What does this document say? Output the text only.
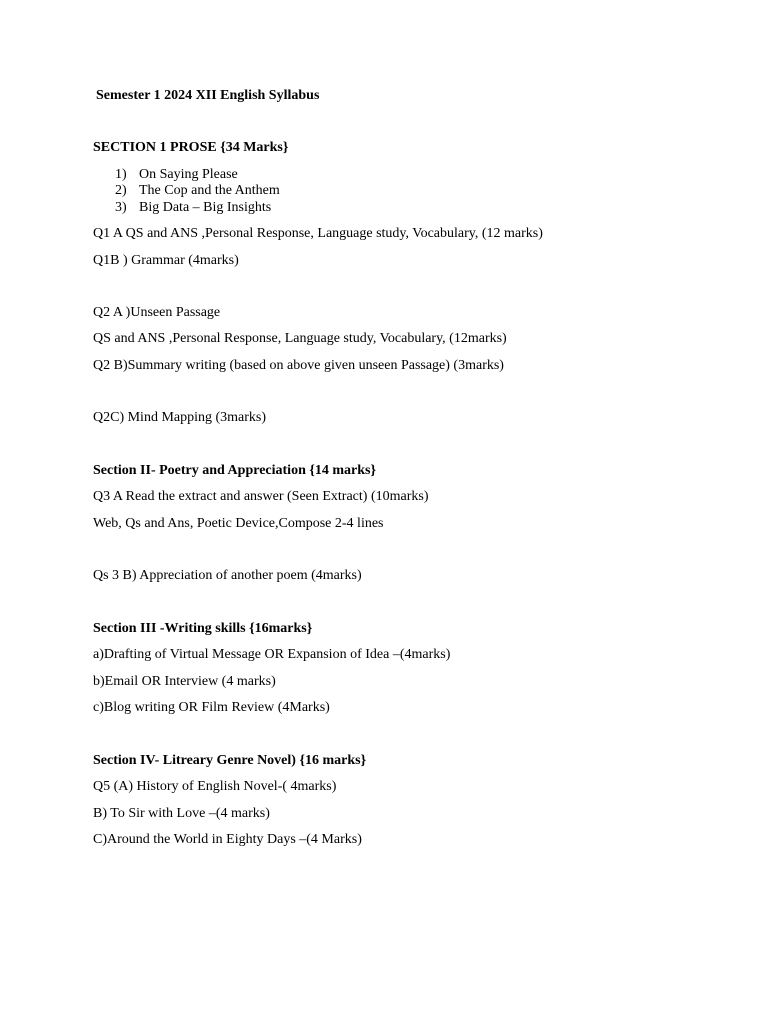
Semester 1 2024 XII English Syllabus
SECTION 1 PROSE {34 Marks}
1) On Saying Please
2) The Cop and the Anthem
3) Big Data – Big Insights
Q1 A QS and ANS ,Personal Response, Language study, Vocabulary, (12 marks)
Q1B ) Grammar (4marks)
Q2 A )Unseen Passage
QS and ANS ,Personal Response, Language study, Vocabulary, (12marks)
Q2 B)Summary writing (based on above given unseen Passage) (3marks)
Q2C) Mind Mapping (3marks)
Section II- Poetry and Appreciation {14 marks}
Q3 A Read the extract and answer (Seen Extract) (10marks)
Web, Qs and Ans, Poetic Device,Compose 2-4 lines
Qs 3 B) Appreciation of another poem (4marks)
Section III -Writing skills {16marks}
a)Drafting of Virtual Message OR Expansion of Idea –(4marks)
b)Email OR Interview (4 marks)
c)Blog writing OR Film Review (4Marks)
Section IV- Litreary Genre Novel) {16 marks}
Q5 (A) History of English Novel-( 4marks)
B) To Sir with Love –(4 marks)
C)Around the World in Eighty Days –(4 Marks)
